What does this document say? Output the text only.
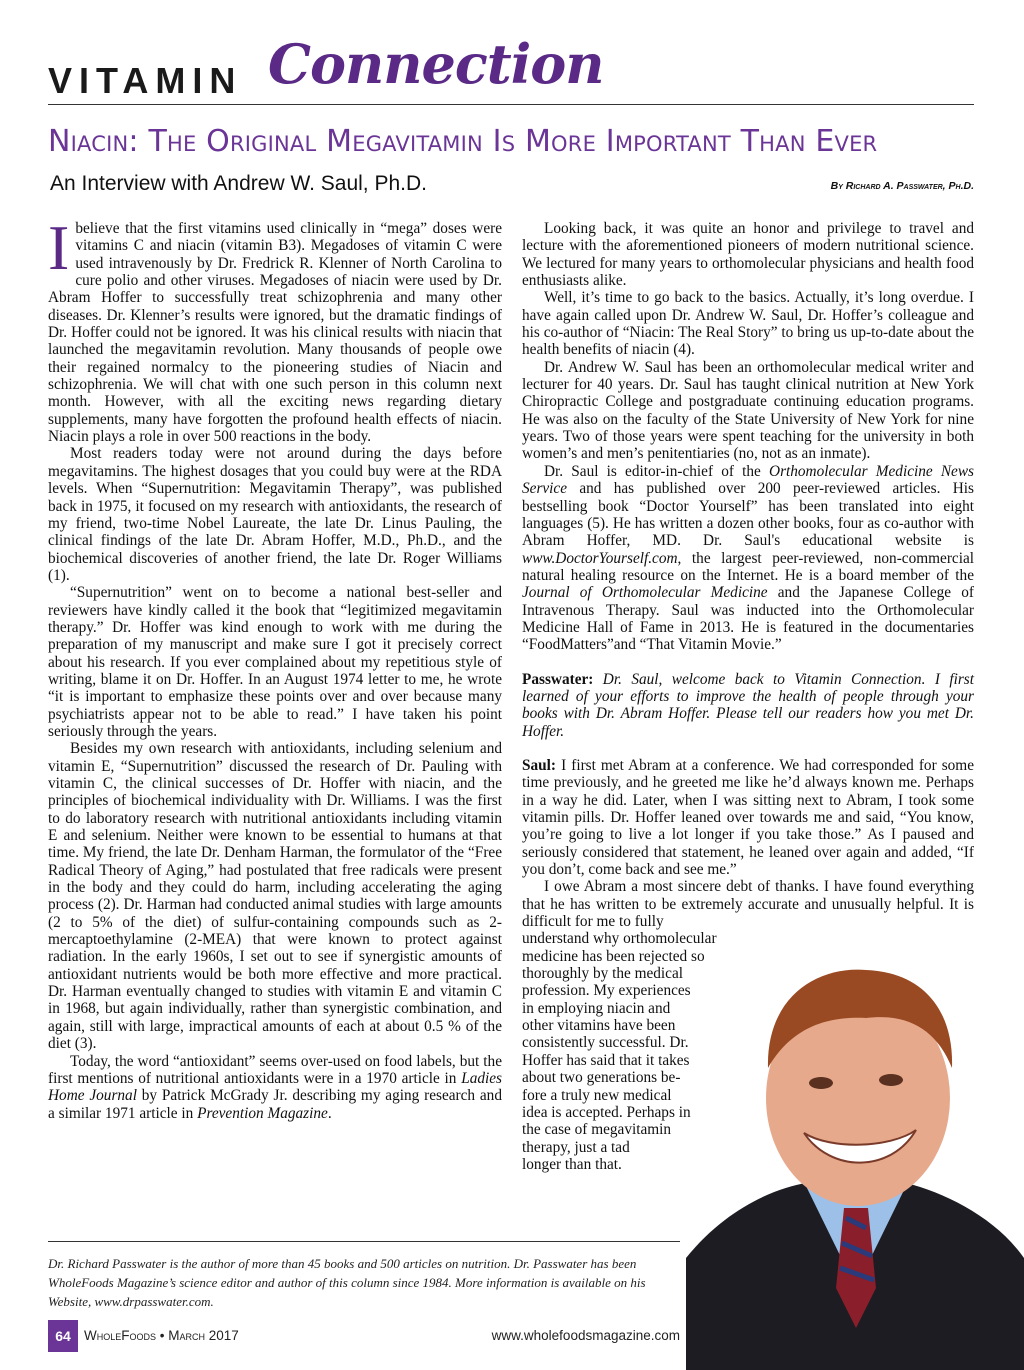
VITAMIN Connection
Niacin: The Original Megavitamin Is More Important Than Ever
An Interview with Andrew W. Saul, Ph.D.	By Richard A. Passwater, Ph.D.

Ibelieve that the first vitamins used clinically in “mega” doses were vitamins C and niacin (vitamin B3). Megadoses of vitamin C were used intravenously by Dr. Fredrick R. Klenner of North Carolina to cure polio and other viruses. Megadoses of niacin were used by Dr. Abram Hoffer to successfully treat schizophrenia and many other diseases. Dr. Klenner’s results were ignored, but the dramatic findings of Dr. Hoffer could not be ignored. It was his clinical results with niacin that launched the megavitamin revolution. Many thousands of people owe their regained normalcy to the pioneering studies of Niacin and schizophrenia. We will chat with one such person in this column next month. However, with all the exciting news regarding dietary supplements, many have forgotten the profound health effects of niacin. Niacin plays a role in over 500 reactions in the body.

Most readers today were not around during the days before megavitamins. The highest dosages that you could buy were at the RDA levels. When “Supernutrition: Megavitamin Therapy”, was published back in 1975, it focused on my research with antioxidants, the research of my friend, two-time Nobel Laureate, the late Dr. Linus Pauling, the clinical findings of the late Dr. Abram Hoffer, M.D., Ph.D., and the biochemical discoveries of another friend, the late Dr. Roger Williams (1).

“Supernutrition” went on to become a national best-seller and reviewers have kindly called it the book that “legitimized megavitamin therapy.” Dr. Hoffer was kind enough to work with me during the preparation of my manuscript and make sure I got it precisely correct about his research. If you ever complained about my repetitious style of writing, blame it on Dr. Hoffer. In an August 1974 letter to me, he wrote “it is important to emphasize these points over and over because many psychiatrists appear not to be able to read.” I have taken his point seriously through the years.

Besides my own research with antioxidants, including selenium and vitamin E, “Supernutrition” discussed the research of Dr. Pauling with vitamin C, the clinical successes of Dr. Hoffer with niacin, and the principles of biochemical individuality with Dr. Williams. I was the first to do laboratory research with nutritional antioxidants including vitamin E and selenium. Neither were known to be essential to humans at that time. My friend, the late Dr. Denham Harman, the formulator of the “Free Radical Theory of Aging,” had postulated that free radicals were present in the body and they could do harm, including accelerating the aging process (2). Dr. Harman had conducted animal studies with large amounts (2 to 5% of the diet) of sulfur-containing compounds such as 2-mercaptoethylamine (2-MEA) that were known to protect against radiation. In the early 1960s, I set out to see if synergistic amounts of antioxidant nutrients would be both more effective and more practical. Dr. Harman eventually changed to studies with vitamin E and vitamin C in 1968, but again individually, rather than synergistic combination, and again, still with large, impractical amounts of each at about 0.5 % of the diet (3).

Today, the word “antioxidant” seems over-used on food labels, but the first mentions of nutritional antioxidants were in a 1970 article in Ladies Home Journal by Patrick McGrady Jr. describing my aging research and a similar 1971 article in Prevention Magazine.

Looking back, it was quite an honor and privilege to travel and lecture with the aforementioned pioneers of modern nutritional science. We lectured for many years to orthomolecular physicians and health food enthusiasts alike.

Well, it’s time to go back to the basics. Actually, it’s long overdue. I have again called upon Dr. Andrew W. Saul, Dr. Hoffer’s colleague and his co-author of “Niacin: The Real Story” to bring us up-to-date about the health benefits of niacin (4).

Dr. Andrew W. Saul has been an orthomolecular medical writer and lecturer for 40 years. Dr. Saul has taught clinical nutrition at New York Chiropractic College and postgraduate continuing education programs. He was also on the faculty of the State University of New York for nine years. Two of those years were spent teaching for the university in both women’s and men’s penitentiaries (no, not as an inmate).

Dr. Saul is editor-in-chief of the Orthomolecular Medicine News Service and has published over 200 peer-reviewed articles. His bestselling book “Doctor Yourself” has been translated into eight languages (5). He has written a dozen other books, four as co-author with Abram Hoffer, MD. Dr. Saul's educational website is www.DoctorYourself.com, the largest peer-reviewed, non-commercial natural healing resource on the Internet. He is a board member of the Journal of Orthomolecular Medicine and the Japanese College of Intravenous Therapy. Saul was inducted into the Orthomolecular Medicine Hall of Fame in 2013. He is featured in the documentaries “FoodMatters”and “That Vitamin Movie.”

Passwater: Dr. Saul, welcome back to Vitamin Connection. I first learned of your efforts to improve the health of people through your books with Dr. Abram Hoffer. Please tell our readers how you met Dr. Hoffer.

Saul: I first met Abram at a conference. We had corresponded for some time previously, and he greeted me like he’d always known me. Perhaps in a way he did. Later, when I was sitting next to Abram, I took some vitamin pills. Dr. Hoffer leaned over towards me and said, “You know, you’re going to live a lot longer if you take those.” As I paused and seriously considered that statement, he leaned over again and added, “If you don’t, come back and see me.”

I owe Abram a most sincere debt of thanks. I have found everything that he has written to be extremely accurate and unusually helpful. It is difficult for me to fully

understand why orthomolecular
medicine has been rejected so
thoroughly by the medical
profession. My experiences
in employing niacin and
other vitamins have been
consistently successful. Dr.
Hoffer has said that it takes
about two generations be-
fore a truly new medical
idea is accepted. Perhaps in
the case of megavitamin
therapy, just a tad
longer than that.
Dr. Richard Passwater is the author of more than 45 books and 500 articles on nutrition. Dr. Passwater has been WholeFoods Magazine’s science editor and author of this column since 1984. More information is available on his Website, www.drpasswater.com.
64 WholeFoods • March 2017	www.wholefoodsmagazine.com
